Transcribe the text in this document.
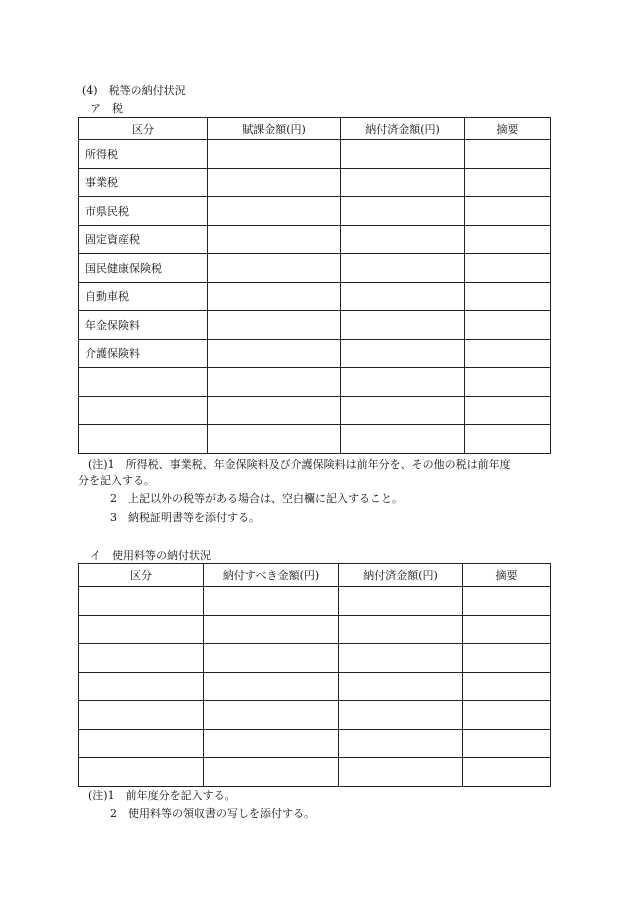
(4)　税等の納付状況
ア　税
区分	賦課金額(円)	納付済金額(円)	摘要
所得税			
事業税			
市県民税			
固定資産税			
国民健康保険税			
自動車税			
年金保険料			
介護保険料			

(注)1　所得税、事業税、年金保険料及び介護保険料は前年分を、その他の税は前年度
分を記入する。
2　上記以外の税等がある場合は、空白欄に記入すること。
3　納税証明書等を添付する。
イ　使用料等の納付状況
区分	納付すべき金額(円)	納付済金額(円)	摘要

(注)1　前年度分を記入する。
2　使用料等の領収書の写しを添付する。
